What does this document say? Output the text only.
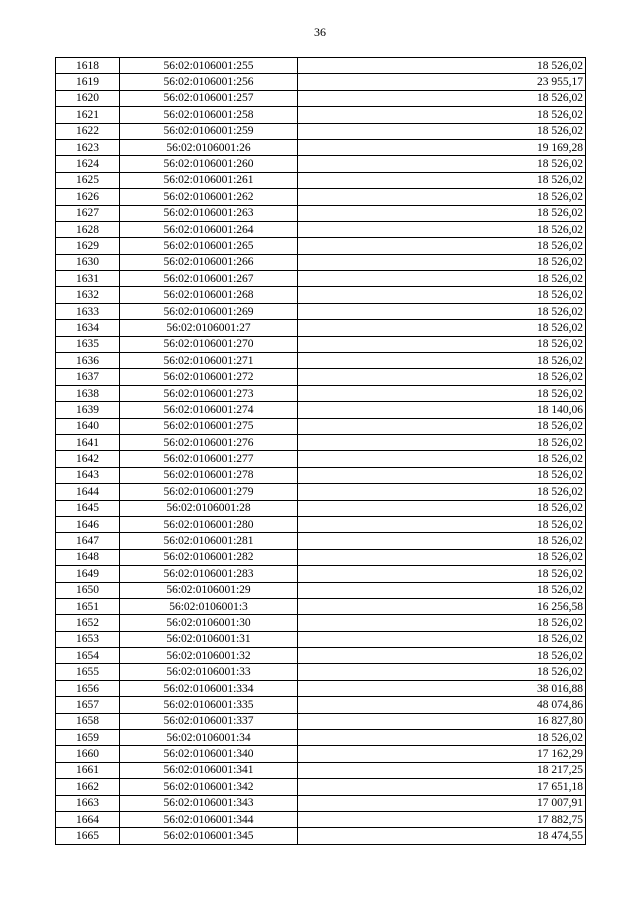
36
1618	56:02:0106001:255	18 526,02
1619	56:02:0106001:256	23 955,17
1620	56:02:0106001:257	18 526,02
1621	56:02:0106001:258	18 526,02
1622	56:02:0106001:259	18 526,02
1623	56:02:0106001:26	19 169,28
1624	56:02:0106001:260	18 526,02
1625	56:02:0106001:261	18 526,02
1626	56:02:0106001:262	18 526,02
1627	56:02:0106001:263	18 526,02
1628	56:02:0106001:264	18 526,02
1629	56:02:0106001:265	18 526,02
1630	56:02:0106001:266	18 526,02
1631	56:02:0106001:267	18 526,02
1632	56:02:0106001:268	18 526,02
1633	56:02:0106001:269	18 526,02
1634	56:02:0106001:27	18 526,02
1635	56:02:0106001:270	18 526,02
1636	56:02:0106001:271	18 526,02
1637	56:02:0106001:272	18 526,02
1638	56:02:0106001:273	18 526,02
1639	56:02:0106001:274	18 140,06
1640	56:02:0106001:275	18 526,02
1641	56:02:0106001:276	18 526,02
1642	56:02:0106001:277	18 526,02
1643	56:02:0106001:278	18 526,02
1644	56:02:0106001:279	18 526,02
1645	56:02:0106001:28	18 526,02
1646	56:02:0106001:280	18 526,02
1647	56:02:0106001:281	18 526,02
1648	56:02:0106001:282	18 526,02
1649	56:02:0106001:283	18 526,02
1650	56:02:0106001:29	18 526,02
1651	56:02:0106001:3	16 256,58
1652	56:02:0106001:30	18 526,02
1653	56:02:0106001:31	18 526,02
1654	56:02:0106001:32	18 526,02
1655	56:02:0106001:33	18 526,02
1656	56:02:0106001:334	38 016,88
1657	56:02:0106001:335	48 074,86
1658	56:02:0106001:337	16 827,80
1659	56:02:0106001:34	18 526,02
1660	56:02:0106001:340	17 162,29
1661	56:02:0106001:341	18 217,25
1662	56:02:0106001:342	17 651,18
1663	56:02:0106001:343	17 007,91
1664	56:02:0106001:344	17 882,75
1665	56:02:0106001:345	18 474,55
